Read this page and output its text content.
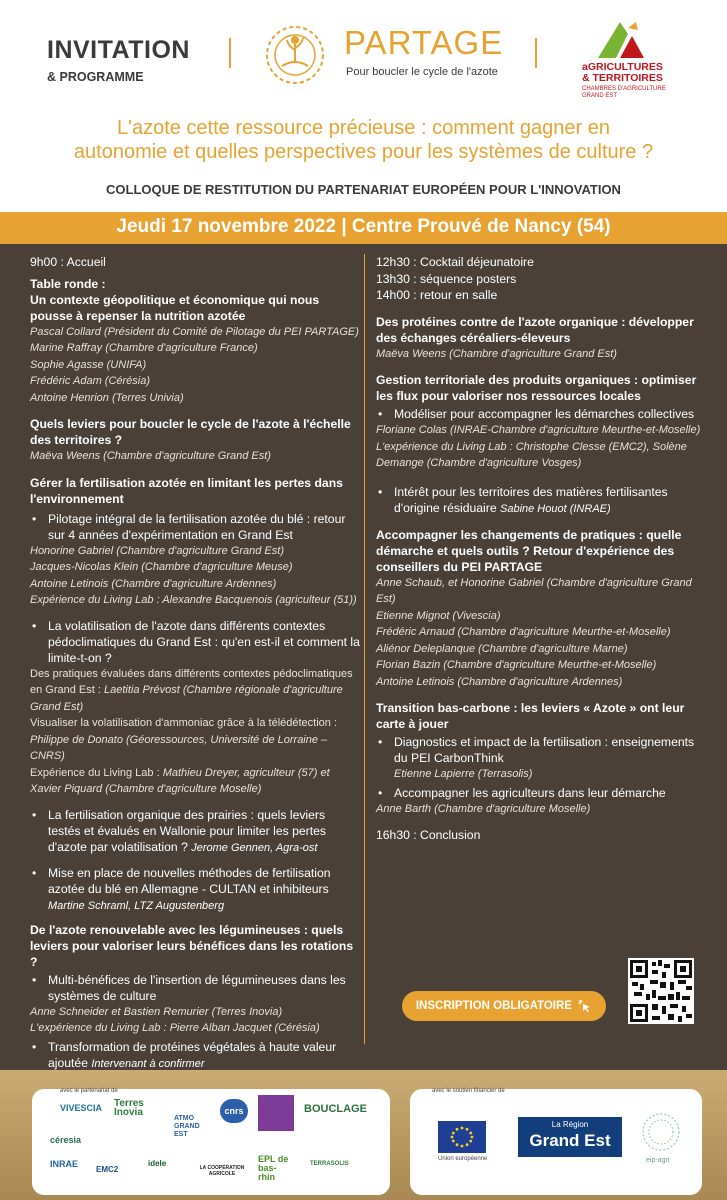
INVITATION
& PROGRAMME
PARTAGE
Pour boucler le cycle de l'azote	aGRICULTURES
& TERRITOIRES
CHAMBRES D'AGRICULTURE
GRAND EST
L'azote cette ressource précieuse : comment gagner en
autonomie et quelles perspectives pour les systèmes de culture ?
COLLOQUE DE RESTITUTION DU PARTENARIAT EUROPÉEN POUR L'INNOVATION
Jeudi 17 novembre 2022 | Centre Prouvé de Nancy (54)
9h00 : Accueil
Table ronde :
Un contexte géopolitique et économique qui nous pousse à repenser la nutrition azotée
Pascal Collard (Président du Comité de Pilotage du PEI PARTAGE)
Marine Raffray (Chambre d'agriculture France)
Sophie Agasse (UNIFA)
Frédéric Adam (Cérésia)
Antoine Henrion (Terres Univia)
Quels leviers pour boucler le cycle de l'azote à l'échelle des territoires ?
Maëva Weens (Chambre d'agriculture Grand Est)
Gérer la fertilisation azotée en limitant les pertes dans l'environnement
• Pilotage intégral de la fertilisation azotée du blé : retour sur 4 années d'expérimentation en Grand Est
Honorine Gabriel (Chambre d'agriculture Grand Est)
Jacques-Nicolas Klein (Chambre d'agriculture Meuse)
Antoine Letinois (Chambre d'agriculture Ardennes)
Expérience du Living Lab : Alexandre Bacquenois (agriculteur (51))
• La volatilisation de l'azote dans différents contextes pédoclimatiques du Grand Est : qu'en est-il et comment la limite-t-on ?
Des pratiques évaluées dans différents contextes pédoclimatiques en Grand Est : Laetitia Prévost (Chambre régionale d'agriculture Grand Est)
Visualiser la volatilisation d'ammoniac grâce à la télédétection : Philippe de Donato (Géoressources, Université de Lorraine – CNRS)
Expérience du Living Lab : Mathieu Dreyer, agriculteur (57) et Xavier Piquard (Chambre d'agriculture Moselle)
• La fertilisation organique des prairies : quels leviers testés et évalués en Wallonie pour limiter les pertes d'azote par volatilisation ? Jerome Gennen, Agra-ost
• Mise en place de nouvelles méthodes de fertilisation azotée du blé en Allemagne - CULTAN et inhibiteurs Martine Schraml, LTZ Augustenberg
De l'azote renouvelable avec les légumineuses : quels leviers pour valoriser leurs bénéfices dans les rotations ?
• Multi-bénéfices de l'insertion de légumineuses dans les systèmes de culture
Anne Schneider et Bastien Remurier (Terres Inovia)
L'expérience du Living Lab : Pierre Alban Jacquet (Cérésia)
• Transformation de protéines végétales à haute valeur ajoutée Intervenant à confirmer
12h30 : Cocktail déjeunatoire
13h30 : séquence posters
14h00 : retour en salle
Des protéines contre de l'azote organique : développer des échanges céréaliers-éleveurs
Maëva Weens (Chambre d'agriculture Grand Est)
Gestion territoriale des produits organiques : optimiser les flux pour valoriser nos ressources locales
• Modéliser pour accompagner les démarches collectives
Floriane Colas (INRAE-Chambre d'agriculture Meurthe-et-Moselle)
L'expérience du Living Lab : Christophe Clesse (EMC2), Solène Demange (Chambre d'agriculture Vosges)
• Intérêt pour les territoires des matières fertilisantes d'origine résiduaire Sabine Houot (INRAE)
Accompagner les changements de pratiques : quelle démarche et quels outils ? Retour d'expérience des conseillers du PEI PARTAGE
Anne Schaub, et Honorine Gabriel (Chambre d'agriculture Grand Est)
Etienne Mignot (Vivescia)
Frédéric Arnaud (Chambre d'agriculture Meurthe-et-Moselle)
Aliénor Deleplanque (Chambre d'agriculture Marne)
Florian Bazin (Chambre d'agriculture Meurthe-et-Moselle)
Antoine Letinois (Chambre d'agriculture Ardennes)
Transition bas-carbone : les leviers « Azote » ont leur carte à jouer
• Diagnostics et impact de la fertilisation : enseignements du PEI CarbonThink
Etienne Lapierre (Terrasolis)
• Accompagner les agriculteurs dans leur démarche
Anne Barth (Chambre d'agriculture Moselle)
16h30 : Conclusion
INSCRIPTION OBLIGATOIRE
avec le partenariat de
VIVESCIA Terres Inovia
ATMO GRAND EST
cnrs	BOUCLAGE
céresia
INRAE
EMC2
idele	LA COOPÉRATION AGRICOLE
EPL de bas-rhin
TERRASOLIS
avec le soutien financier de
Union européenne
La Région
Grand Est
eip-agri
